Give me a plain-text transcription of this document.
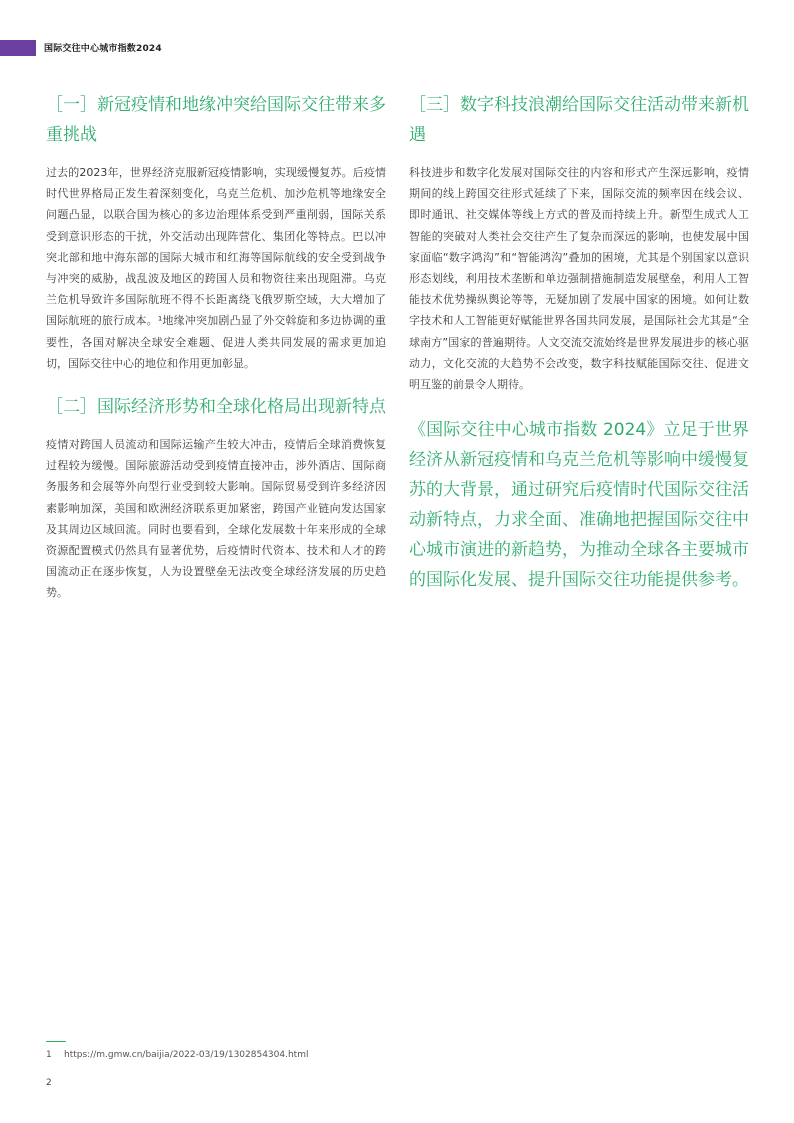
国际交往中心城市指数2024
［一］新冠疫情和地缘冲突给国际交往带来多重挑战

过去的2023年，世界经济克服新冠疫情影响，实现缓慢复苏。后疫情时代世界格局正发生着深刻变化，乌克兰危机、加沙危机等地缘安全问题凸显，以联合国为核心的多边治理体系受到严重削弱，国际关系受到意识形态的干扰，外交活动出现阵营化、集团化等特点。巴以冲突北部和地中海东部的国际大城市和红海等国际航线的安全受到战争与冲突的威胁，战乱波及地区的跨国人员和物资往来出现阻滞。乌克兰危机导致许多国际航班不得不长距离绕飞俄罗斯空域，大大增加了国际航班的旅行成本。¹地缘冲突加剧凸显了外交斡旋和多边协调的重要性，各国对解决全球安全难题、促进人类共同发展的需求更加迫切，国际交往中心的地位和作用更加彰显。

［二］国际经济形势和全球化格局出现新特点

疫情对跨国人员流动和国际运输产生较大冲击，疫情后全球消费恢复过程较为缓慢。国际旅游活动受到疫情直接冲击，涉外酒店、国际商务服务和会展等外向型行业受到较大影响。国际贸易受到许多经济因素影响加深，美国和欧洲经济联系更加紧密，跨国产业链向发达国家及其周边区域回流。同时也要看到，全球化发展数十年来形成的全球资源配置模式仍然具有显著优势，后疫情时代资本、技术和人才的跨国流动正在逐步恢复，人为设置壁垒无法改变全球经济发展的历史趋势。

［三］数字科技浪潮给国际交往活动带来新机遇

科技进步和数字化发展对国际交往的内容和形式产生深远影响，疫情期间的线上跨国交往形式延续了下来，国际交流的频率因在线会议、即时通讯、社交媒体等线上方式的普及而持续上升。新型生成式人工智能的突破对人类社会交往产生了复杂而深远的影响，也使发展中国家面临“数字鸿沟”和“智能鸿沟”叠加的困境，尤其是个别国家以意识形态划线，利用技术垄断和单边强制措施制造发展壁垒，利用人工智能技术优势操纵舆论等等，无疑加剧了发展中国家的困境。如何让数字技术和人工智能更好赋能世界各国共同发展，是国际社会尤其是“全球南方”国家的普遍期待。人文交流交流始终是世界发展进步的核心驱动力，文化交流的大趋势不会改变，数字科技赋能国际交往、促进文明互鉴的前景令人期待。

《国际交往中心城市指数 2024》立足于世界经济从新冠疫情和乌克兰危机等影响中缓慢复苏的大背景，通过研究后疫情时代国际交往活动新特点，力求全面、准确地把握国际交往中心城市演进的新趋势，为推动全球各主要城市的国际化发展、提升国际交往功能提供参考。
1 https://m.gmw.cn/baijia/2022-03/19/1302854304.html
2
